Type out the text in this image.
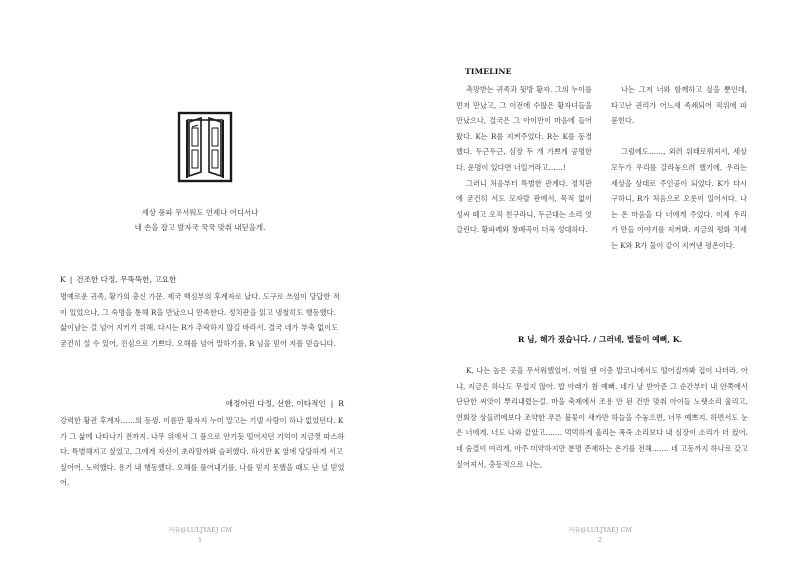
세상 풍파 무서워도 언제나 어디서나
네 손을 잡고 발자국 꾹꾹 맞춰 내딛을게.
K | 건조한 다정, 무뚝뚝한, 고요한
명예로운 귀족, 황가의 충신 가문. 제국 핵심부의 후계자로 났다. 도구로 쓰임이 당답한 적이 있었으나, 그 숙명을 통해 R을 만났으니 만족한다. 정치판을 읽고 냉철히도 행동했다. 삶이남는 걸 넘어 지키기 위해. 다시는 R가 추락하지 않길 바라서. 결국 네가 부축 없이도 굳건히 설 수 있어, 진심으로 기쁘다. 오해를 넘어 말하기를, R 님을 믿어 저를 믿습니다.
애정어린 다정, 선한, 이타적인 | R
강력한 황권 후계자……의 동생. 이름만 황자지 누미 말고는 기댈 사람이 하나 없었던다. K가 그 삶에 나타나기 전까지. 나무 위에서 그 품으로 안기듯 떨어지던 기억이 지금껏 따스하다. 특별해지고 싶었고, 그에게 자신이 초라할까봐 슬퍼했다. 하지만 K 옆에 당당하게 서고 싶어어. 노력했다. 용기 내 행동했다. 오해를 풀어내기를, 나를 믿지 못했을 때도 난 널 믿었어.
커뮤@LULJYAEJ CM
1
TIMELINE

촉망받는 귀족과 뒷방 황자. 그의 누이를 먼저 만났고, 그 이전에 수많은 황자녀들을 만났으나, 결국은 그 아이만이 마음에 들어왔다. K는 R를 지켜주었다. R는 K를 동경했다. 두근두근, 심장 두 개 가쁘게 공명한다. 운명이 있다면 너일거라고……!

그러니 처음부터 특별한 관계다. 정치판에 굳건히 서도 모자랄 판에서, 목적 없이 성씨 떼고 오직 친구라니. 두근대는 소리 엇갈린다. 황파례와 창폐곡이 더욱 성대하다.

나는 그저 너와 함께하고 싶을 뿐인데, 타고난 권리가 어느새 족쇄되어 직위에 파묻힌다.

그럼에도……, 외려 위태로워져서, 세상 모두가 우리를 갈라놓으려 했기에, 우리는 세상을 상대로 주인공이 되었다. K가 다시 구하니, R가 처음으로 오롯이 일어서다. 나는 온 마음을 다 너에게 주었다. 이제 우리가 만들 이야기를 지켜봐. 지금의 평화 치세는 K와 R가 둘이 같이 지켜낸 평온이다.

R 님, 해가 졌습니다. / 그러네, 별들이 예뻐, K.
K, 나는 높은 곳을 무서워했었어. 어릴 땐 이층 발코니에서도 떨어질까봐 겁이 나더라. 아냐, 지금은 하나도 무섭지 않아. 밥 아래가 참 예뻐. 네가 날 받아준 그 순간부터 내 안쪽에서 단단한 씨앗이 뿌리내렸는걸. 마을 축제에서 조용 안 된 건반 맞춰 아이들 노랫소리 울리고, 연회장 상들려에보다 조약한 푸른 불꽃이 새카만 하늘을 수놓으면, 너무 예쁘지. 하면서도 눈은 너에게. 너도 나와 같았고……. 먹먹하게 울리는 폭죽 소리보다 내 심장이 소리가 더 컸어. 네 숨결이 여리게, 아주 미약하지만 분명 존재하는 온기를 전해……. 네 고동까지 하나로 갖고 싶어져서, 충동적으로 나는,
커뮤@LULJYAEJ CM
2
